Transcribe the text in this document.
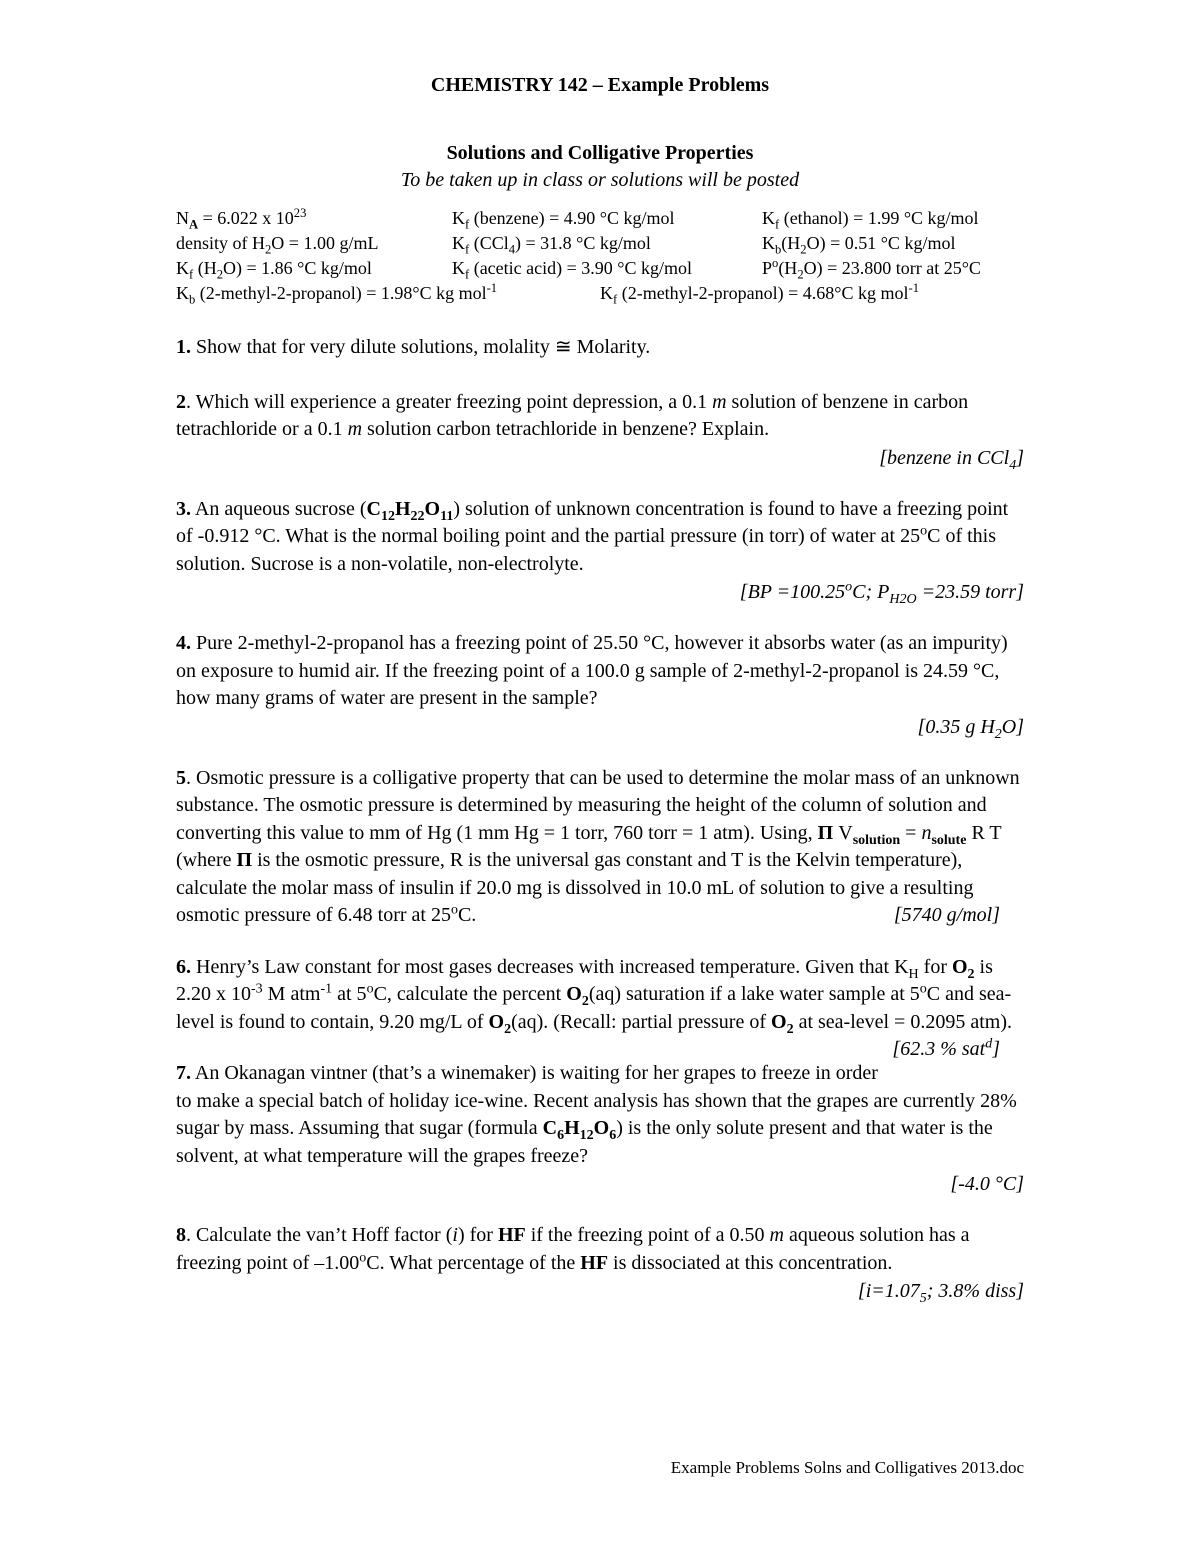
CHEMISTRY 142 – Example Problems

Solutions and Colligative Properties

To be taken up in class or solutions will be posted

$N_A = 6.022$ x $10^{23}$	$K_f$ (benzene) = 4.90 °C kg/mol	$K_f$ (ethanol) = 1.99 °C kg/mol
density of $H_2O = 1.00$ g/mL	$K_f$ (CCl$_4$) = 31.8 °C kg/mol	$K_b(H_2O) = 0.51$ °C kg/mol
$K_f$ $(H_2O) = 1.86$ °C kg/mol	$K_f$ (acetic acid) = 3.90 °C kg/mol	$P^o(H_2O) = 23.800$ torr at 25°C
$K_b$ (2-methyl-2-propanol) = 1.98°C kg mol$^{-1}$	$K_f$ (2-methyl-2-propanol) = 4.68°C kg mol$^{-1}$

1. Show that for very dilute solutions, molality ≅ Molarity.

2. Which will experience a greater freezing point depression, a 0.1 m solution of benzene in carbon tetrachloride or a 0.1 m solution carbon tetrachloride in benzene? Explain.

[benzene in CCl$_4$]

3. An aqueous sucrose $(C_{12}H_{22}O_{11})$ solution of unknown concentration is found to have a freezing point of -0.912 °C. What is the normal boiling point and the partial pressure (in torr) of water at 25$^o$C of this solution. Sucrose is a non-volatile, non-electrolyte.

[$BP =100.25^oC$; $P_{H2O} =23.59$ torr]

4. Pure 2-methyl-2-propanol has a freezing point of 25.50 °C, however it absorbs water (as an impurity) on exposure to humid air. If the freezing point of a 100.0 g sample of 2-methyl-2-propanol is 24.59 °C, how many grams of water are present in the sample?

[0.35 g $H_2O$]

5. Osmotic pressure is a colligative property that can be used to determine the molar mass of an unknown substance. The osmotic pressure is determined by measuring the height of the column of solution and converting this value to mm of Hg (1 mm Hg = 1 torr, 760 torr = 1 atm). Using, Π $V_{solution} = n_{solute}$ R T (where Π is the osmotic pressure, R is the universal gas constant and T is the Kelvin temperature), calculate the molar mass of insulin if 20.0 mg is dissolved in 10.0 mL of solution to give a resulting osmotic pressure of 6.48 torr at 25$^o$C.	[5740 g/mol]

6. Henry’s Law constant for most gases decreases with increased temperature. Given that $K_H$ for $O_2$ is 2.20 x $10^{-3}$ M atm$^{-1}$ at 5$^o$C, calculate the percent $O_2(aq)$ saturation if a lake water sample at 5$^o$C and sea-level is found to contain, 9.20 mg/L of $O_2(aq)$. (Recall: partial pressure of $O_2$ at sea-level = 0.2095 atm).
[62.3 % sat$^d$]

7. An Okanagan vintner (that’s a winemaker) is waiting for her grapes to freeze in order to make a special batch of holiday ice-wine. Recent analysis has shown that the grapes are currently 28% sugar by mass. Assuming that sugar (formula $C_6H_{12}O_6$) is the only solute present and that water is the solvent, at what temperature will the grapes freeze?

[-4.0 °C]

8. Calculate the van’t Hoff factor (i) for HF if the freezing point of a 0.50 m aqueous solution has a freezing point of –1.00$^o$C. What percentage of the HF is dissociated at this concentration.

[$i=1.07_5$; 3.8% diss]

Example Problems Solns and Colligatives 2013.doc
